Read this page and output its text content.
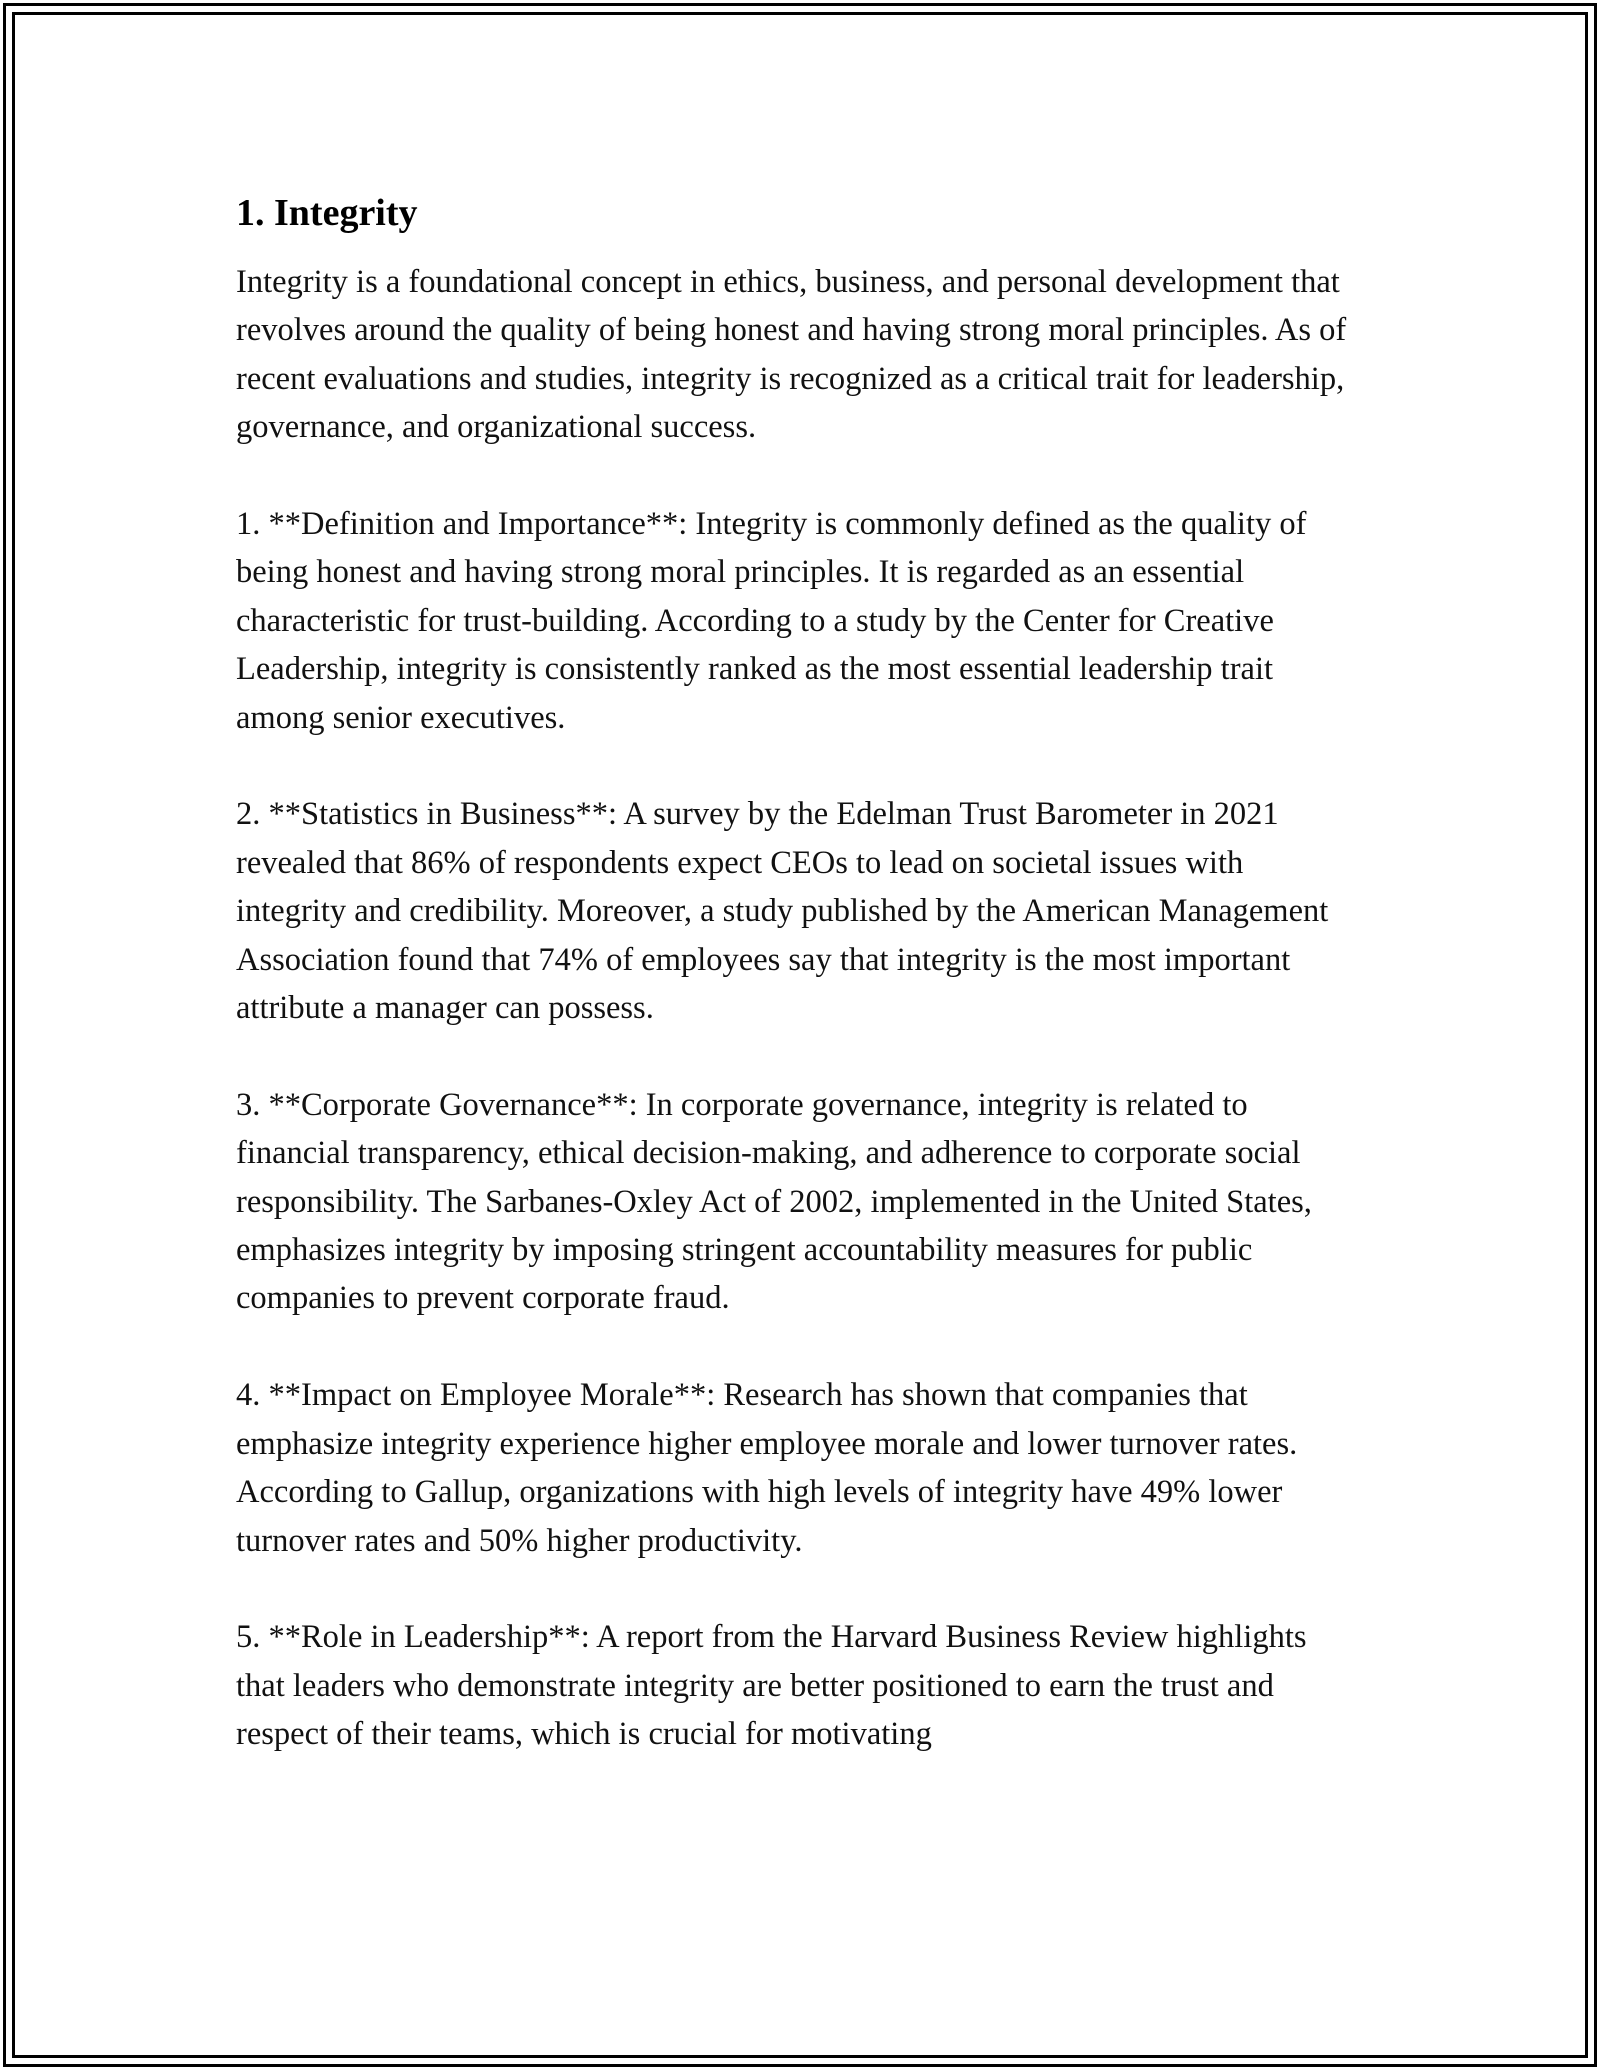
1. Integrity

Integrity is a foundational concept in ethics, business, and personal development that revolves around the quality of being honest and having strong moral principles. As of recent evaluations and studies, integrity is recognized as a critical trait for leadership, governance, and organizational success.

1. **Definition and Importance**: Integrity is commonly defined as the quality of being honest and having strong moral principles. It is regarded as an essential characteristic for trust-building. According to a study by the Center for Creative Leadership, integrity is consistently ranked as the most essential leadership trait among senior executives.

2. **Statistics in Business**: A survey by the Edelman Trust Barometer in 2021 revealed that 86% of respondents expect CEOs to lead on societal issues with integrity and credibility. Moreover, a study published by the American Management Association found that 74% of employees say that integrity is the most important attribute a manager can possess.

3. **Corporate Governance**: In corporate governance, integrity is related to financial transparency, ethical decision-making, and adherence to corporate social responsibility. The Sarbanes-Oxley Act of 2002, implemented in the United States, emphasizes integrity by imposing stringent accountability measures for public companies to prevent corporate fraud.

4. **Impact on Employee Morale**: Research has shown that companies that emphasize integrity experience higher employee morale and lower turnover rates. According to Gallup, organizations with high levels of integrity have 49% lower turnover rates and 50% higher productivity.

5. **Role in Leadership**: A report from the Harvard Business Review highlights that leaders who demonstrate integrity are better positioned to earn the trust and respect of their teams, which is crucial for motivating
